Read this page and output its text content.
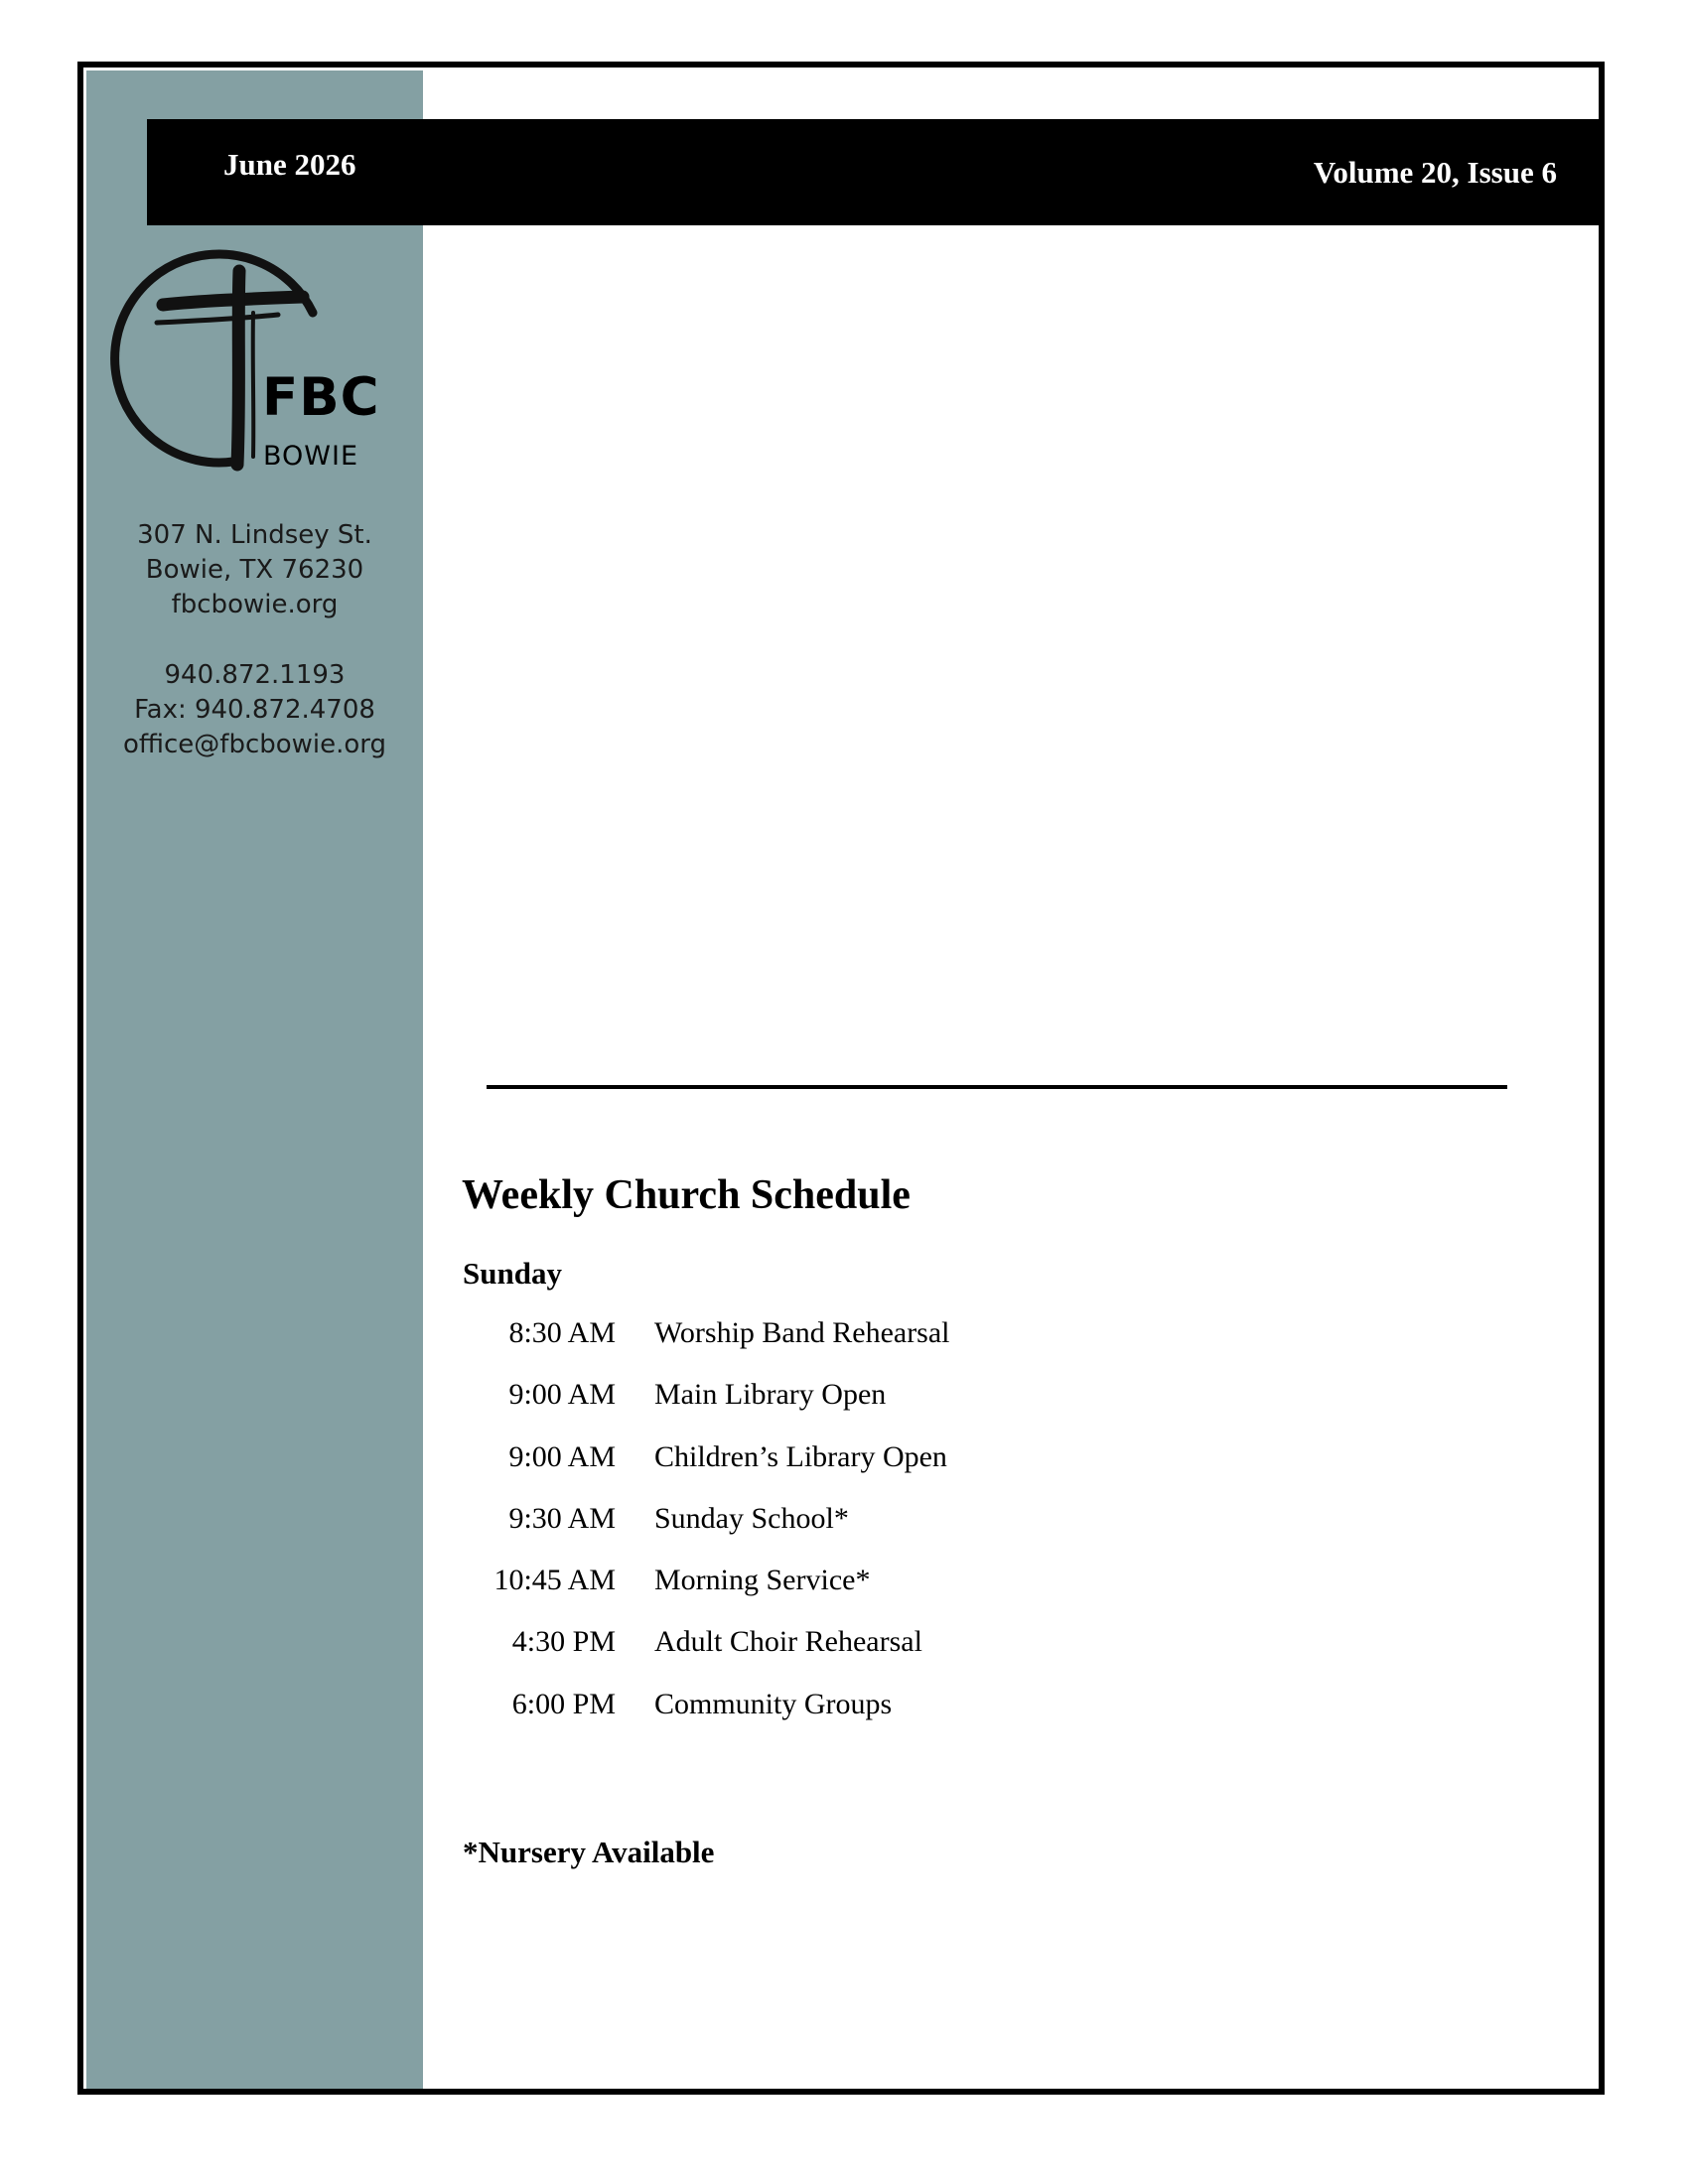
June 2026	Volume 20, Issue 6
FBC
BOWIE
307 N. Lindsey St.
Bowie, TX 76230
fbcbowie.org
940.872.1193
Fax: 940.872.4708
office@fbcbowie.org
Weekly Church Schedule
Sunday
8:30 AM Worship Band Rehearsal
9:00 AM Main Library Open
9:00 AM Children’s Library Open
9:30 AM Sunday School*
10:45 AM Morning Service*
4:30 PM Adult Choir Rehearsal
6:00 PM Community Groups
*Nursery Available
